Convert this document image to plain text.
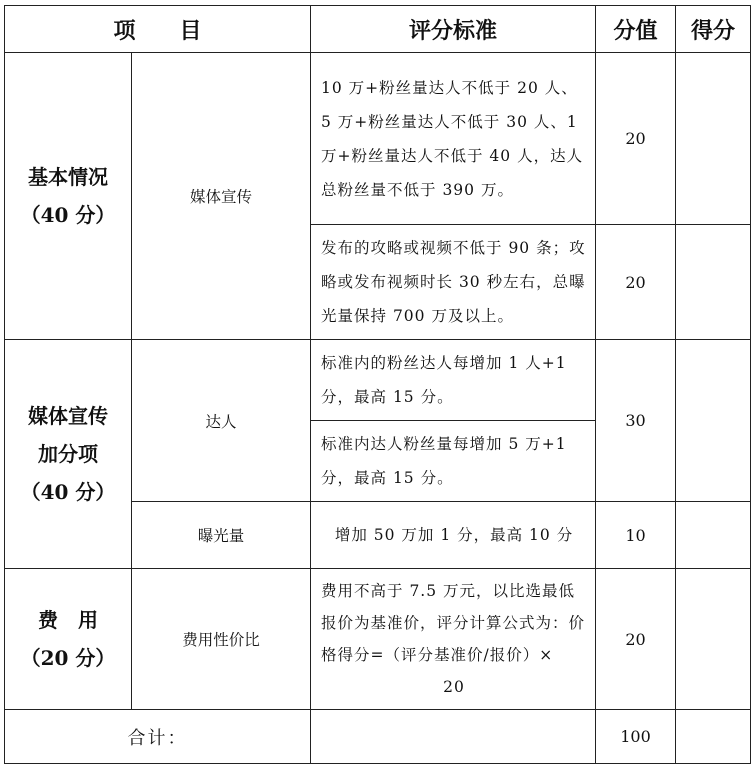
项　　目		评分标准	分值	得分

基本情况
（40 分）	媒体宣传	10 万+粉丝量达人不低于 20 人、5 万+粉丝量达人不低于 30 人、1 万+粉丝量达人不低于 40 人，达人总粉丝量不低于 390 万。	20	
		发布的攻略或视频不低于 90 条；攻略或发布视频时长 30 秒左右，总曝光量保持 700 万及以上。	20	

媒体宣传
加分项
（40 分）	达人	标准内的粉丝达人每增加 1 人+1 分，最高 15 分。	30	
		标准内达人粉丝量每增加 5 万+1 分，最高 15 分。		
	曝光量	增加 50 万加 1 分，最高 10 分	10	

费　用
（20 分）	费用性价比	费用不高于 7.5 万元，以比选最低报价为基准价，评分计算公式为：价格得分=（评分基准价/报价）×
20	20	
合计：			100	
